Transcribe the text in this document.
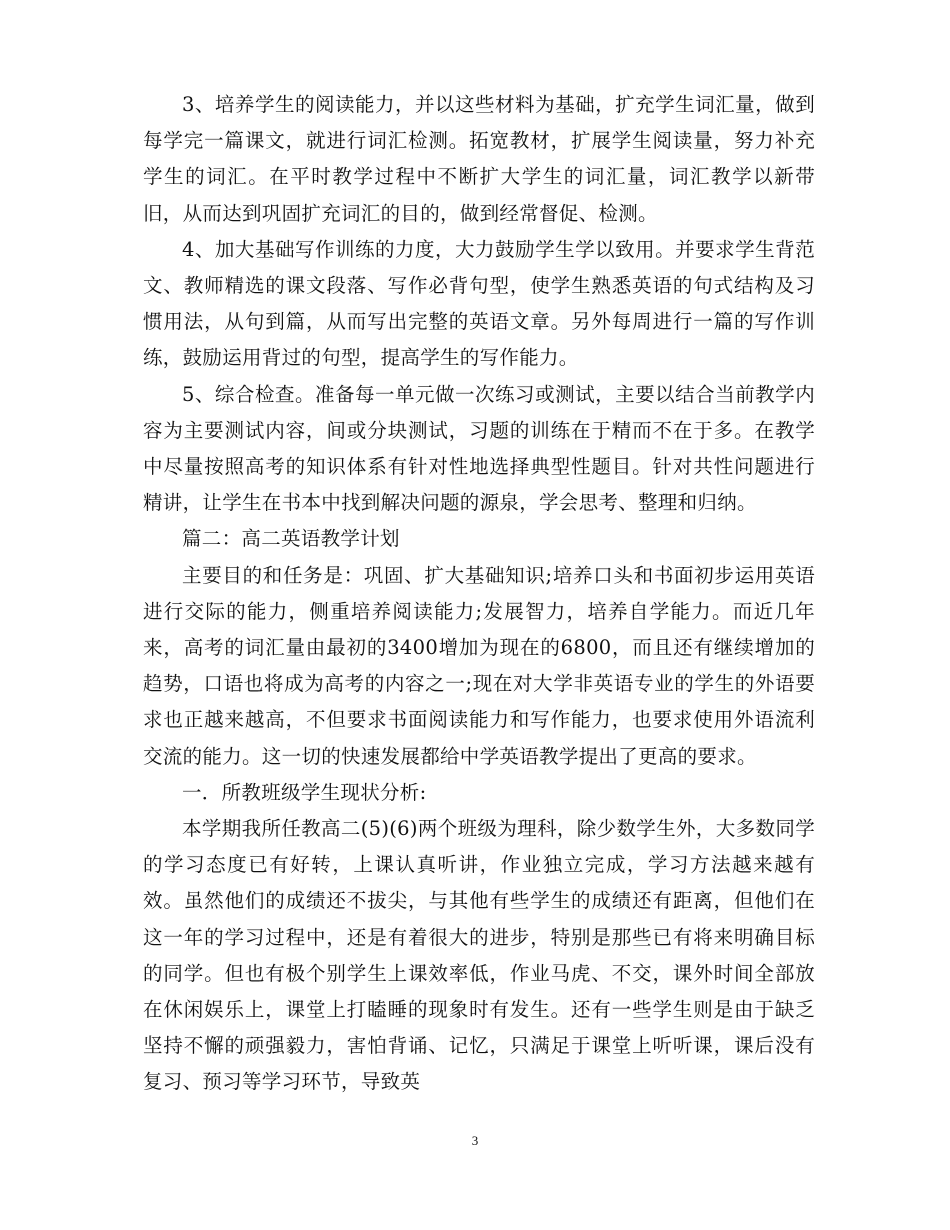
3、培养学生的阅读能力，并以这些材料为基础，扩充学生词汇量，做到每学完一篇课文，就进行词汇检测。拓宽教材，扩展学生阅读量，努力补充学生的词汇。在平时教学过程中不断扩大学生的词汇量，词汇教学以新带旧，从而达到巩固扩充词汇的目的，做到经常督促、检测。

4、加大基础写作训练的力度，大力鼓励学生学以致用。并要求学生背范文、教师精选的课文段落、写作必背句型，使学生熟悉英语的句式结构及习惯用法，从句到篇，从而写出完整的英语文章。另外每周进行一篇的写作训练，鼓励运用背过的句型，提高学生的写作能力。

5、综合检查。准备每一单元做一次练习或测试，主要以结合当前教学内容为主要测试内容，间或分块测试，习题的训练在于精而不在于多。在教学中尽量按照高考的知识体系有针对性地选择典型性题目。针对共性问题进行精讲，让学生在书本中找到解决问题的源泉，学会思考、整理和归纳。

篇二：高二英语教学计划

主要目的和任务是：巩固、扩大基础知识;培养口头和书面初步运用英语进行交际的能力，侧重培养阅读能力;发展智力，培养自学能力。而近几年来，高考的词汇量由最初的3400增加为现在的6800，而且还有继续增加的趋势，口语也将成为高考的内容之一;现在对大学非英语专业的学生的外语要求也正越来越高，不但要求书面阅读能力和写作能力，也要求使用外语流利交流的能力。这一切的快速发展都给中学英语教学提出了更高的要求。

一．所教班级学生现状分析:

本学期我所任教高二(5)(6)两个班级为理科，除少数学生外，大多数同学的学习态度已有好转，上课认真听讲，作业独立完成，学习方法越来越有效。虽然他们的成绩还不拔尖，与其他有些学生的成绩还有距离，但他们在这一年的学习过程中，还是有着很大的进步，特别是那些已有将来明确目标的同学。但也有极个别学生上课效率低，作业马虎、不交，课外时间全部放在休闲娱乐上，课堂上打瞌睡的现象时有发生。还有一些学生则是由于缺乏坚持不懈的顽强毅力，害怕背诵、记忆，只满足于课堂上听听课，课后没有复习、预习等学习环节，导致英

3
